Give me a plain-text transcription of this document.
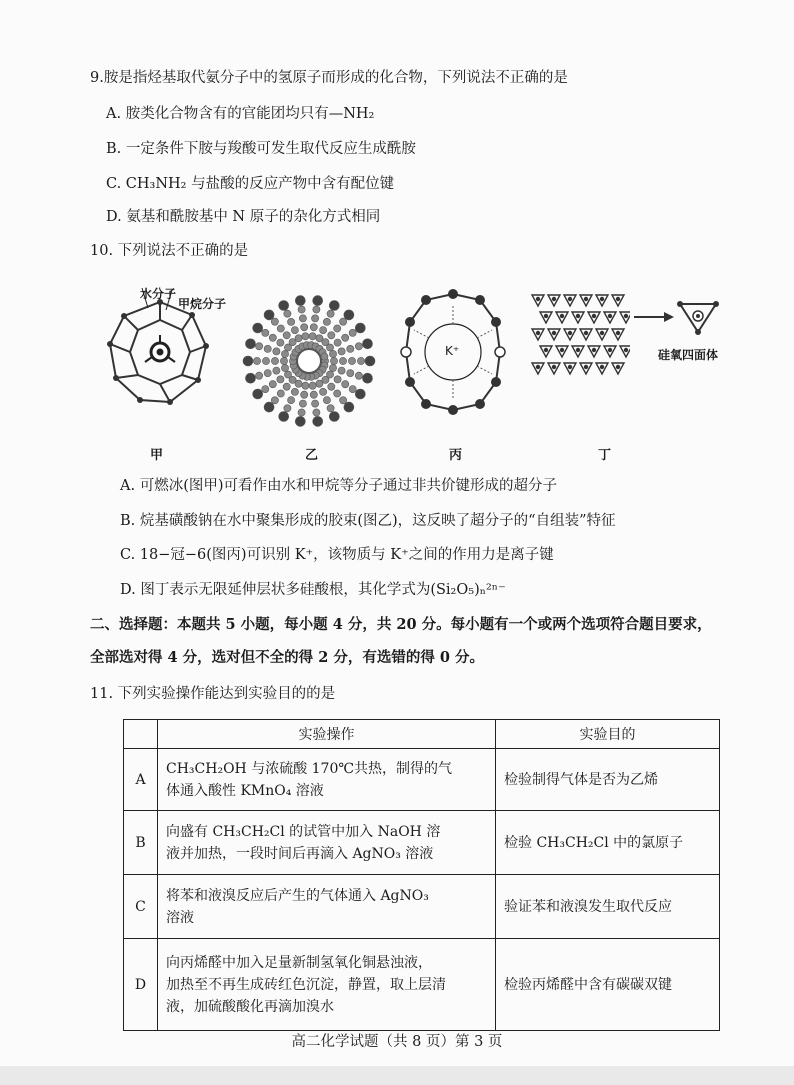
9.胺是指烃基取代氨分子中的氢原子而形成的化合物，下列说法不正确的是
A. 胺类化合物含有的官能团均只有—NH₂
B. 一定条件下胺与羧酸可发生取代反应生成酰胺
C. CH₃NH₂ 与盐酸的反应产物中含有配位键
D. 氨基和酰胺基中 N 原子的杂化方式相同
10. 下列说法不正确的是
水分子
甲烷分子
K⁺	硅氧四面体
甲	乙	丙	丁
A. 可燃冰(图甲)可看作由水和甲烷等分子通过非共价键形成的超分子
B. 烷基磺酸钠在水中聚集形成的胶束(图乙)，这反映了超分子的“自组装”特征
C. 18−冠−6(图丙)可识别 K⁺，该物质与 K⁺之间的作用力是离子键
D. 图丁表示无限延伸层状多硅酸根，其化学式为(Si₂O₅)ₙ²ⁿ⁻
二、选择题：本题共 5 小题，每小题 4 分，共 20 分。每小题有一个或两个选项符合题目要求，
全部选对得 4 分，选对但不全的得 2 分，有选错的得 0 分。
11. 下列实验操作能达到实验目的的是
	实验操作	实验目的
A	CH₃CH₂OH 与浓硫酸 170℃共热，制得的气
体通入酸性 KMnO₄ 溶液	检验制得气体是否为乙烯
B	向盛有 CH₃CH₂Cl 的试管中加入 NaOH 溶
液并加热，一段时间后再滴入 AgNO₃ 溶液	检验 CH₃CH₂Cl 中的氯原子
C	将苯和液溴反应后产生的气体通入 AgNO₃
溶液	验证苯和液溴发生取代反应
D	向丙烯醛中加入足量新制氢氧化铜悬浊液，
加热至不再生成砖红色沉淀，静置，取上层清
液，加硫酸酸化再滴加溴水	检验丙烯醛中含有碳碳双键
高二化学试题（共 8 页）第 3 页
